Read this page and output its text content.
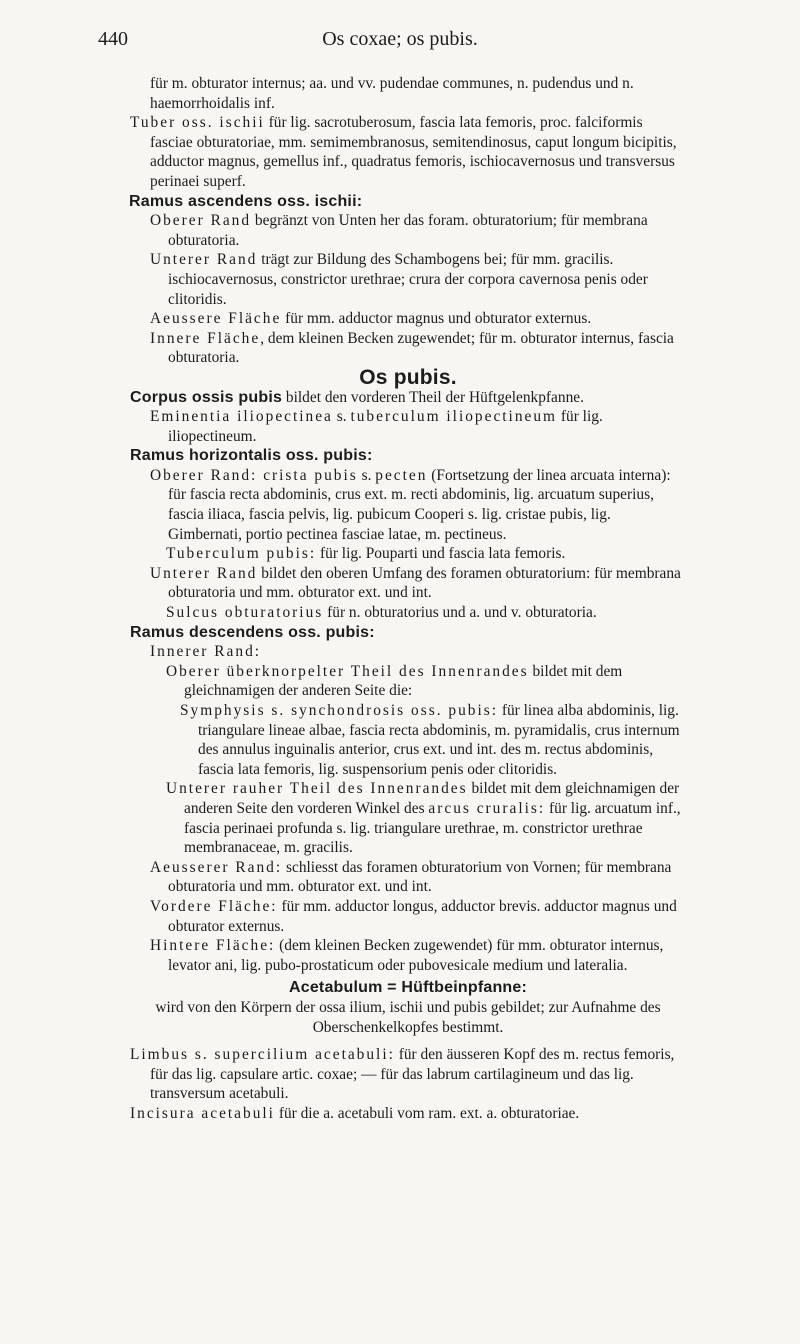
440	Os coxae; os pubis.

für m. obturator internus; aa. und vv. pudendae communes, n. pudendus und n. haemorrhoidalis inf.

Tuber oss. ischii für lig. sacrotuberosum, fascia lata femoris, proc. falciformis fasciae obturatoriae, mm. semimembranosus, semitendinosus, caput longum bicipitis, adductor magnus, gemellus inf., quadratus femoris, ischiocavernosus und transversus perinaei superf.

Ramus ascendens oss. ischii:

Oberer Rand begränzt von Unten her das foram. obturatorium; für membrana obturatoria.

Unterer Rand trägt zur Bildung des Schambogens bei; für mm. gracilis. ischiocavernosus, constrictor urethrae; crura der corpora cavernosa penis oder clitoridis.

Aeussere Fläche für mm. adductor magnus und obturator externus.

Innere Fläche, dem kleinen Becken zugewendet; für m. obturator internus, fascia obturatoria.

Os pubis.

Corpus ossis pubis bildet den vorderen Theil der Hüftgelenkpfanne.

Eminentia iliopectinea s. tuberculum iliopectineum für lig. iliopectineum.

Ramus horizontalis oss. pubis:

Oberer Rand: crista pubis s. pecten (Fortsetzung der linea arcuata interna): für fascia recta abdominis, crus ext. m. recti abdominis, lig. arcuatum superius, fascia iliaca, fascia pelvis, lig. pubicum Cooperi s. lig. cristae pubis, lig. Gimbernati, portio pectinea fasciae latae, m. pectineus.

Tuberculum pubis: für lig. Pouparti und fascia lata femoris.

Unterer Rand bildet den oberen Umfang des foramen obturatorium: für membrana obturatoria und mm. obturator ext. und int.

Sulcus obturatorius für n. obturatorius und a. und v. obturatoria.

Ramus descendens oss. pubis:

Innerer Rand:

Oberer überknorpelter Theil des Innenrandes bildet mit dem gleichnamigen der anderen Seite die:

Symphysis s. synchondrosis oss. pubis: für linea alba abdominis, lig. triangulare lineae albae, fascia recta abdominis, m. pyramidalis, crus internum des annulus inguinalis anterior, crus ext. und int. des m. rectus abdominis, fascia lata femoris, lig. suspensorium penis oder clitoridis.

Unterer rauher Theil des Innenrandes bildet mit dem gleichnamigen der anderen Seite den vorderen Winkel des arcus cruralis: für lig. arcuatum inf., fascia perinaei profunda s. lig. triangulare urethrae, m. constrictor urethrae membranaceae, m. gracilis.

Aeusserer Rand: schliesst das foramen obturatorium von Vornen; für membrana obturatoria und mm. obturator ext. und int.

Vordere Fläche: für mm. adductor longus, adductor brevis. adductor magnus und obturator externus.

Hintere Fläche: (dem kleinen Becken zugewendet) für mm. obturator internus, levator ani, lig. pubo-prostaticum oder pubovesicale medium und lateralia.

Acetabulum = Hüftbeinpfanne:

wird von den Körpern der ossa ilium, ischii und pubis gebildet; zur Aufnahme des Oberschenkelkopfes bestimmt.

Limbus s. supercilium acetabuli: für den äusseren Kopf des m. rectus femoris, für das lig. capsulare artic. coxae; — für das labrum cartilagineum und das lig. transversum acetabuli.

Incisura acetabuli für die a. acetabuli vom ram. ext. a. obturatoriae.
